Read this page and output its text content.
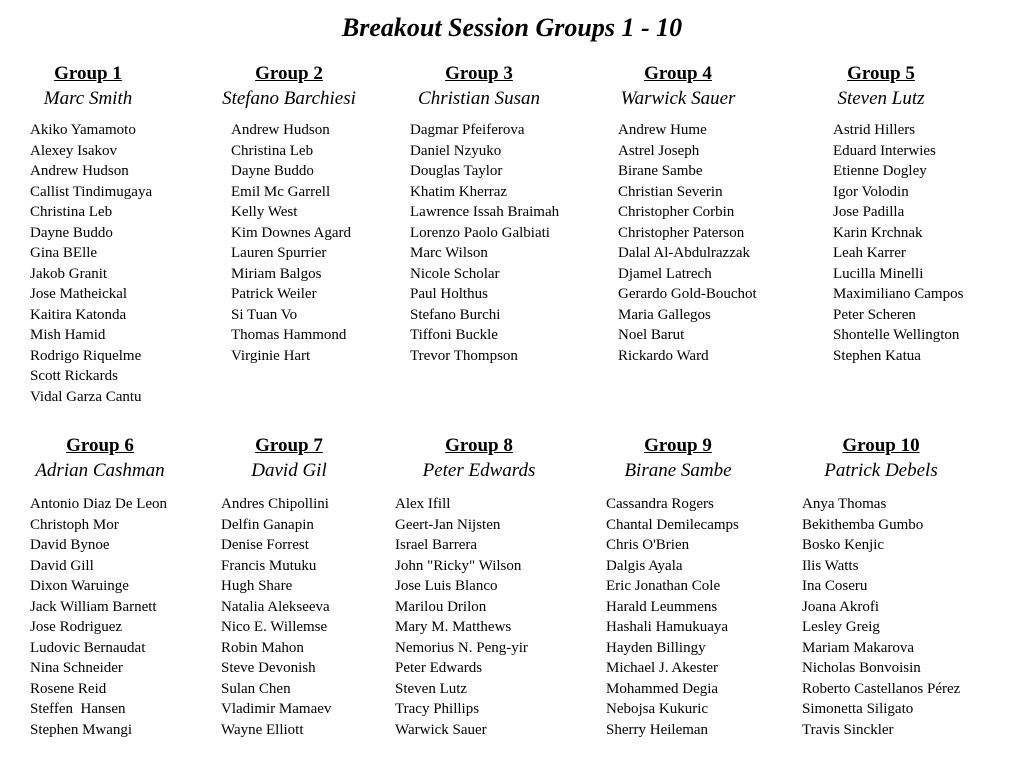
Breakout Session Groups 1 - 10
Group 1
Marc Smith
Akiko Yamamoto
Alexey Isakov
Andrew Hudson
Callist Tindimugaya
Christina Leb
Dayne Buddo
Gina BElle
Jakob Granit
Jose Matheickal
Kaitira Katonda
Mish Hamid
Rodrigo Riquelme
Scott Rickards
Vidal Garza Cantu
Group 2
Stefano Barchiesi
Andrew Hudson
Christina Leb
Dayne Buddo
Emil Mc Garrell
Kelly West
Kim Downes Agard
Lauren Spurrier
Miriam Balgos
Patrick Weiler
Si Tuan Vo
Thomas Hammond
Virginie Hart
Group 3
Christian Susan
Dagmar Pfeiferova
Daniel Nzyuko
Douglas Taylor
Khatim Kherraz
Lawrence Issah Braimah
Lorenzo Paolo Galbiati
Marc Wilson
Nicole Scholar
Paul Holthus
Stefano Burchi
Tiffoni Buckle
Trevor Thompson
Group 4
Warwick Sauer
Andrew Hume
Astrel Joseph
Birane Sambe
Christian Severin
Christopher Corbin
Christopher Paterson
Dalal Al-Abdulrazzak
Djamel Latrech
Gerardo Gold-Bouchot
Maria Gallegos
Noel Barut
Rickardo Ward
Group 5
Steven Lutz
Astrid Hillers
Eduard Interwies
Etienne Dogley
Igor Volodin
Jose Padilla
Karin Krchnak
Leah Karrer
Lucilla Minelli
Maximiliano Campos
Peter Scheren
Shontelle Wellington
Stephen Katua
Group 6
Adrian Cashman
Antonio Diaz De Leon
Christoph Mor
David Bynoe
David Gill
Dixon Waruinge
Jack William Barnett
Jose Rodriguez
Ludovic Bernaudat
Nina Schneider
Rosene Reid
Steffen  Hansen
Stephen Mwangi
Group 7
David Gil
Andres Chipollini
Delfin Ganapin
Denise Forrest
Francis Mutuku
Hugh Share
Natalia Alekseeva
Nico E. Willemse
Robin Mahon
Steve Devonish
Sulan Chen
Vladimir Mamaev
Wayne Elliott
Group 8
Peter Edwards
Alex Ifill
Geert-Jan Nijsten
Israel Barrera
John "Ricky" Wilson
Jose Luis Blanco
Marilou Drilon
Mary M. Matthews
Nemorius N. Peng-yir
Peter Edwards
Steven Lutz
Tracy Phillips
Warwick Sauer
Group 9
Birane Sambe
Cassandra Rogers
Chantal Demilecamps
Chris O'Brien
Dalgis Ayala
Eric Jonathan Cole
Harald Leummens
Hashali Hamukuaya
Hayden Billingy
Michael J. Akester
Mohammed Degia
Nebojsa Kukuric
Sherry Heileman
Group 10
Patrick Debels
Anya Thomas
Bekithemba Gumbo
Bosko Kenjic
Ilis Watts
Ina Coseru
Joana Akrofi
Lesley Greig
Mariam Makarova
Nicholas Bonvoisin
Roberto Castellanos Pérez
Simonetta Siligato
Travis Sinckler
